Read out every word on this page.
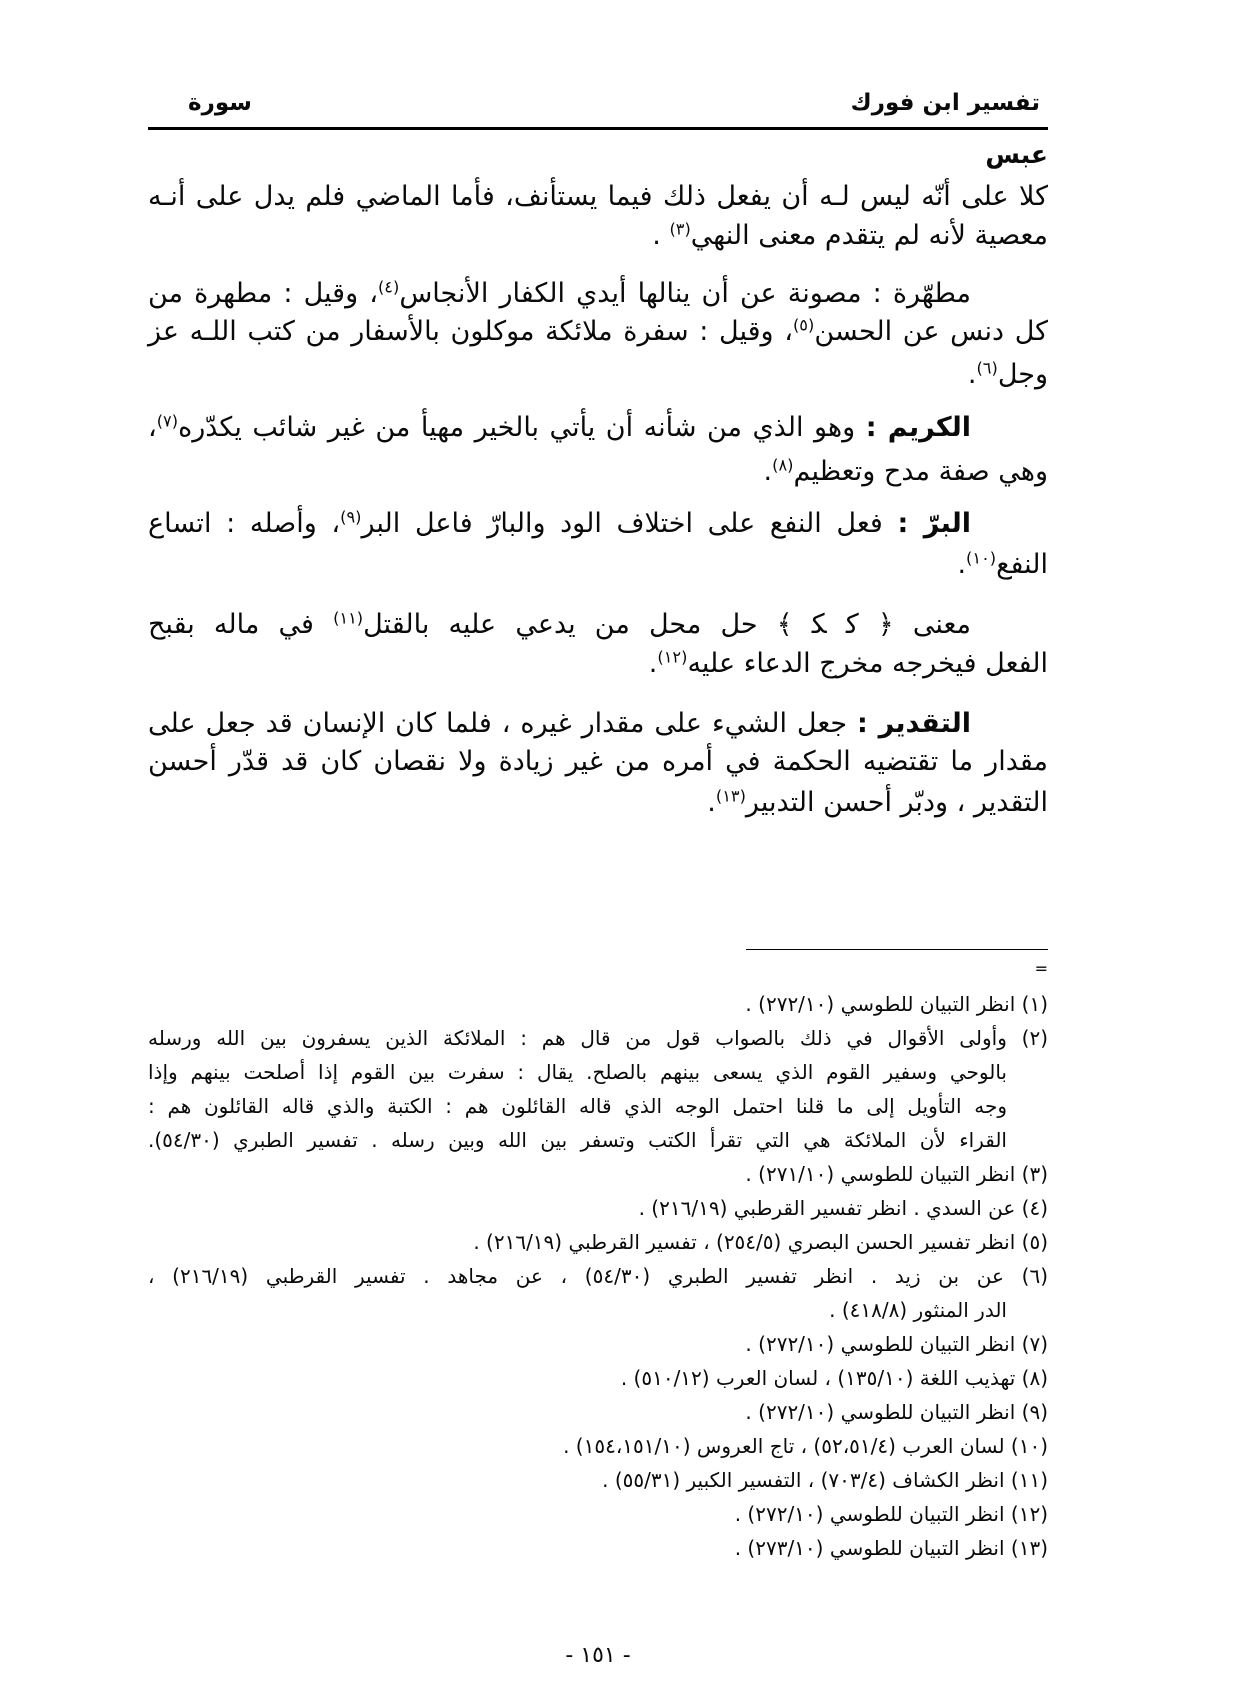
تفسير ابن فورك
سورة
عبس
كلا على أنّه ليس لـه أن يفعل ذلك فيما يستأنف، فأما الماضي فلم يدل على أنـه
معصية لأنه لم يتقدم معنى النهي$^{(٣)}$ .
مطهّرة : مصونة عن أن ينالها أيدي الكفار الأنجاس$^{(٤)}$، وقيل : مطهرة من
كل دنس عن الحسن$^{(٥)}$، وقيل : سفرة ملائكة موكلون بالأسفار من كتب اللـه عز
وجل$^{(٦)}$.
الكريم : وهو الذي من شأنه أن يأتي بالخير مهيأ من غير شائب يكدّره$^{(٧)}$،
وهي صفة مدح وتعظيم$^{(٨)}$.
البرّ : فعل النفع على اختلاف الود والبارّ فاعل البر$^{(٩)}$، وأصله : اتساع
النفع$^{(١٠)}$.
معنى ﴿ ﮐ ﮑ ﴾ حل محل من يدعي عليه بالقتل$^{(١١)}$ في ماله بقبح
الفعل فيخرجه مخرج الدعاء عليه$^{(١٢)}$.
التقدير : جعل الشيء على مقدار غيره ، فلما كان الإنسان قد جعل على
مقدار ما تقتضيه الحكمة في أمره من غير زيادة ولا نقصان كان قد قدّر أحسن
التقدير ، ودبّر أحسن التدبير$^{(١٣)}$.
=
(١) انظر التبيان للطوسي (٢٧٢/١٠) .
(٢) وأولى الأقوال في ذلك بالصواب قول من قال هم : الملائكة الذين يسفرون بين الله ورسله
بالوحي وسفير القوم الذي يسعى بينهم بالصلح. يقال : سفرت بين القوم إذا أصلحت بينهم وإذا
وجه التأويل إلى ما قلنا احتمل الوجه الذي قاله القائلون هم : الكتبة والذي قاله القائلون هم :
القراء لأن الملائكة هي التي تقرأ الكتب وتسفر بين الله وبين رسله . تفسير الطبري (٥٤/٣٠).
(٣) انظر التبيان للطوسي (٢٧١/١٠) .
(٤) عن السدي . انظر تفسير القرطبي (٢١٦/١٩) .
(٥) انظر تفسير الحسن البصري (٢٥٤/٥) ، تفسير القرطبي (٢١٦/١٩) .
(٦) عن بن زيد . انظر تفسير الطبري (٥٤/٣٠) ، عن مجاهد . تفسير القرطبي (٢١٦/١٩) ،
الدر المنثور (٤١٨/٨) .
(٧) انظر التبيان للطوسي (٢٧٢/١٠) .
(٨) تهذيب اللغة (١٣٥/١٠) ، لسان العرب (٥١٠/١٢) .
(٩) انظر التبيان للطوسي (٢٧٢/١٠) .
(١٠) لسان العرب (٥٢،٥١/٤) ، تاج العروس (١٥٤،١٥١/١٠) .
(١١) انظر الكشاف (٧٠٣/٤) ، التفسير الكبير (٥٥/٣١) .
(١٢) انظر التبيان للطوسي (٢٧٢/١٠) .
(١٣) انظر التبيان للطوسي (٢٧٣/١٠) .
- ١٥١ -
